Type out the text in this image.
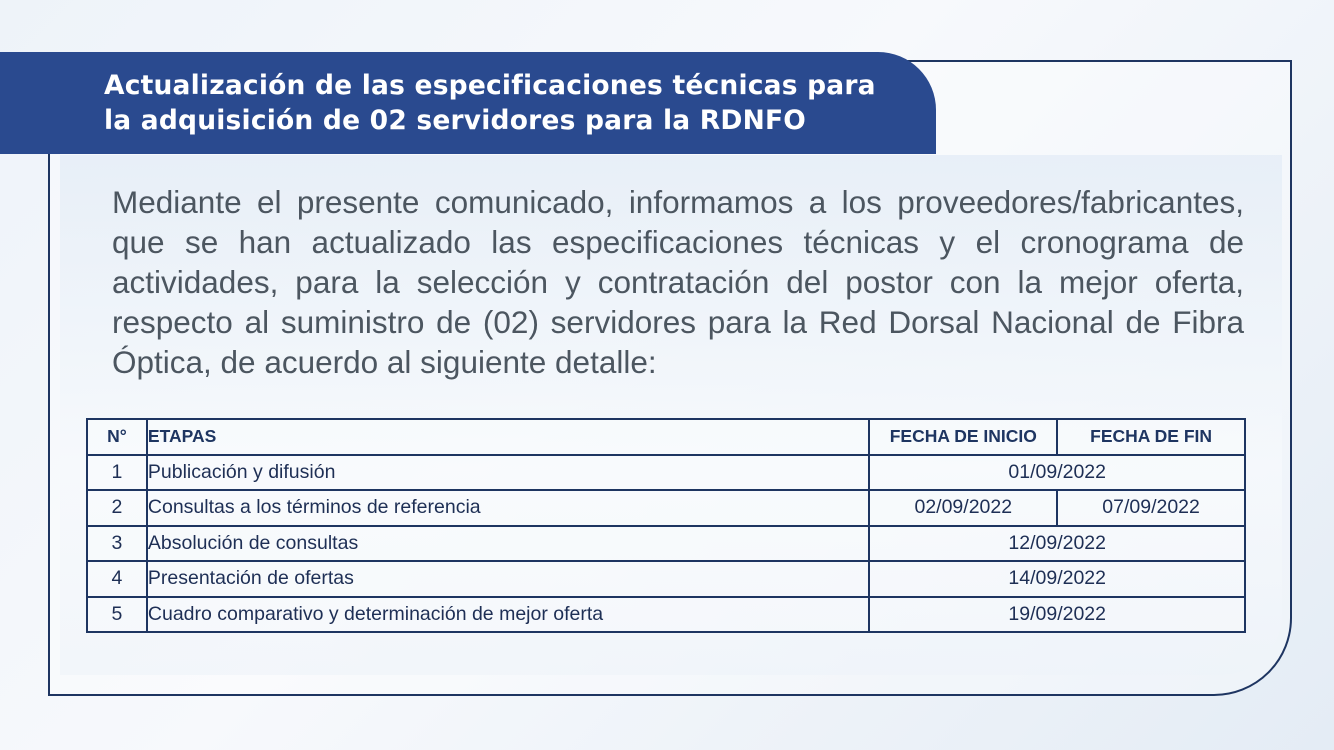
Actualización de las especificaciones técnicas para
la adquisición de 02 servidores para la RDNFO
Mediante el presente comunicado, informamos a los proveedores/fabricantes, que se han actualizado las especificaciones técnicas y el cronograma de actividades, para la selección y contratación del postor con la mejor oferta, respecto al suministro de (02) servidores para la Red Dorsal Nacional de Fibra Óptica, de acuerdo al siguiente detalle:
N°	ETAPAS	FECHA DE INICIO	FECHA DE FIN
1	Publicación y difusión	01/09/2022	
2	Consultas a los términos de referencia	02/09/2022	07/09/2022
3	Absolución de consultas	12/09/2022	
4	Presentación de ofertas	14/09/2022	
5	Cuadro comparativo y determinación de mejor oferta	19/09/2022	
